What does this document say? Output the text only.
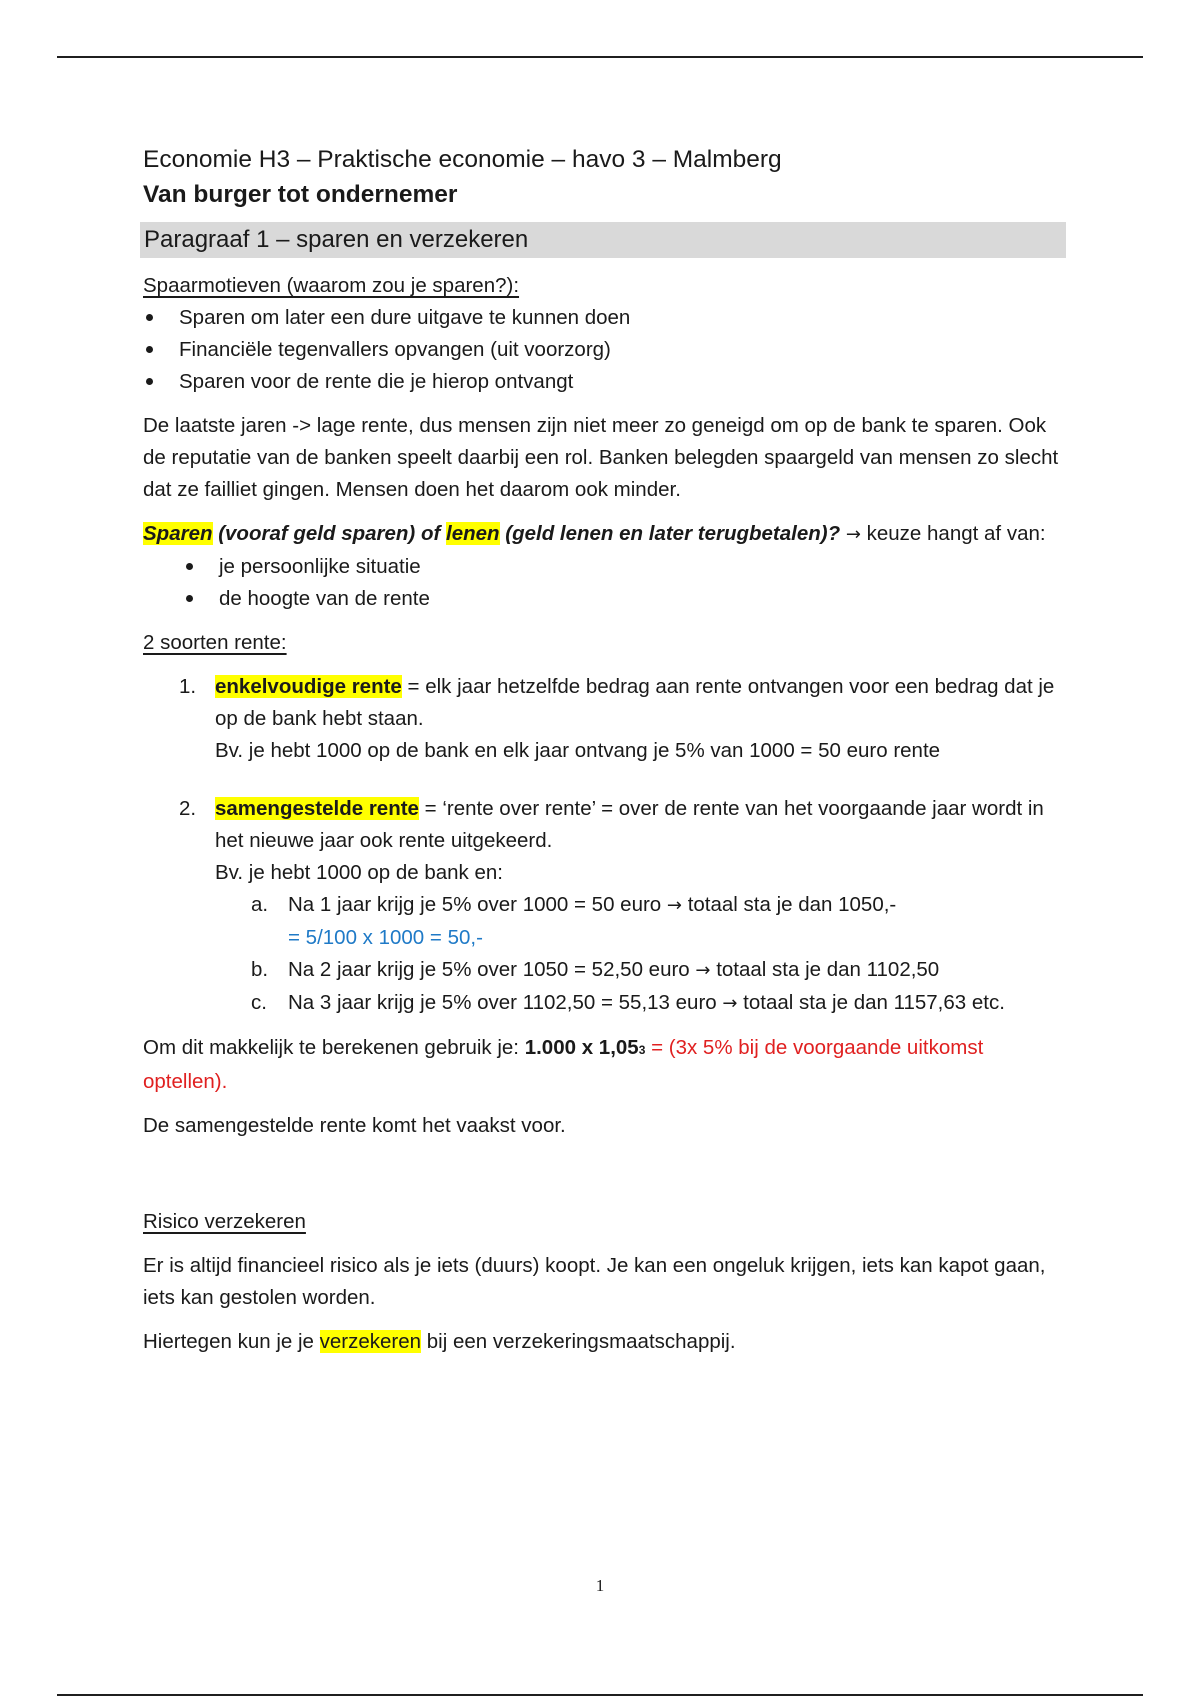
Economie H3 – Praktische economie – havo 3 – Malmberg
Van burger tot ondernemer
Paragraaf 1 – sparen en verzekeren

Spaarmotieven (waarom zou je sparen?):

Sparen om later een dure uitgave te kunnen doen
Financiële tegenvallers opvangen (uit voorzorg)
Sparen voor de rente die je hierop ontvangt

De laatste jaren -> lage rente, dus mensen zijn niet meer zo geneigd om op de bank te sparen. Ook de reputatie van de banken speelt daarbij een rol. Banken belegden spaargeld van mensen zo slecht dat ze failliet gingen. Mensen doen het daarom ook minder.

Sparen (vooraf geld sparen) of lenen (geld lenen en later terugbetalen)? → keuze hangt af van:

je persoonlijke situatie
de hoogte van de rente

2 soorten rente:

1. enkelvoudige rente = elk jaar hetzelfde bedrag aan rente ontvangen voor een bedrag dat je op de bank hebt staan.
Bv. je hebt 1000 op de bank en elk jaar ontvang je 5% van 1000 = 50 euro rente
2. samengestelde rente = ‘rente over rente’ = over de rente van het voorgaande jaar wordt in het nieuwe jaar ook rente uitgekeerd.
Bv. je hebt 1000 op de bank en:
a. Na 1 jaar krijg je 5% over 1000 = 50 euro → totaal sta je dan 1050,-
= 5/100 x 1000 = 50,-
b. Na 2 jaar krijg je 5% over 1050 = 52,50 euro → totaal sta je dan 1102,50
c. Na 3 jaar krijg je 5% over 1102,50 = 55,13 euro → totaal sta je dan 1157,63 etc.

Om dit makkelijk te berekenen gebruik je: 1.000 x 1,053 = (3x 5% bij de voorgaande uitkomst optellen).

De samengestelde rente komt het vaakst voor.

Risico verzekeren

Er is altijd financieel risico als je iets (duurs) koopt. Je kan een ongeluk krijgen, iets kan kapot gaan, iets kan gestolen worden.

Hiertegen kun je je verzekeren bij een verzekeringsmaatschappij.

1
